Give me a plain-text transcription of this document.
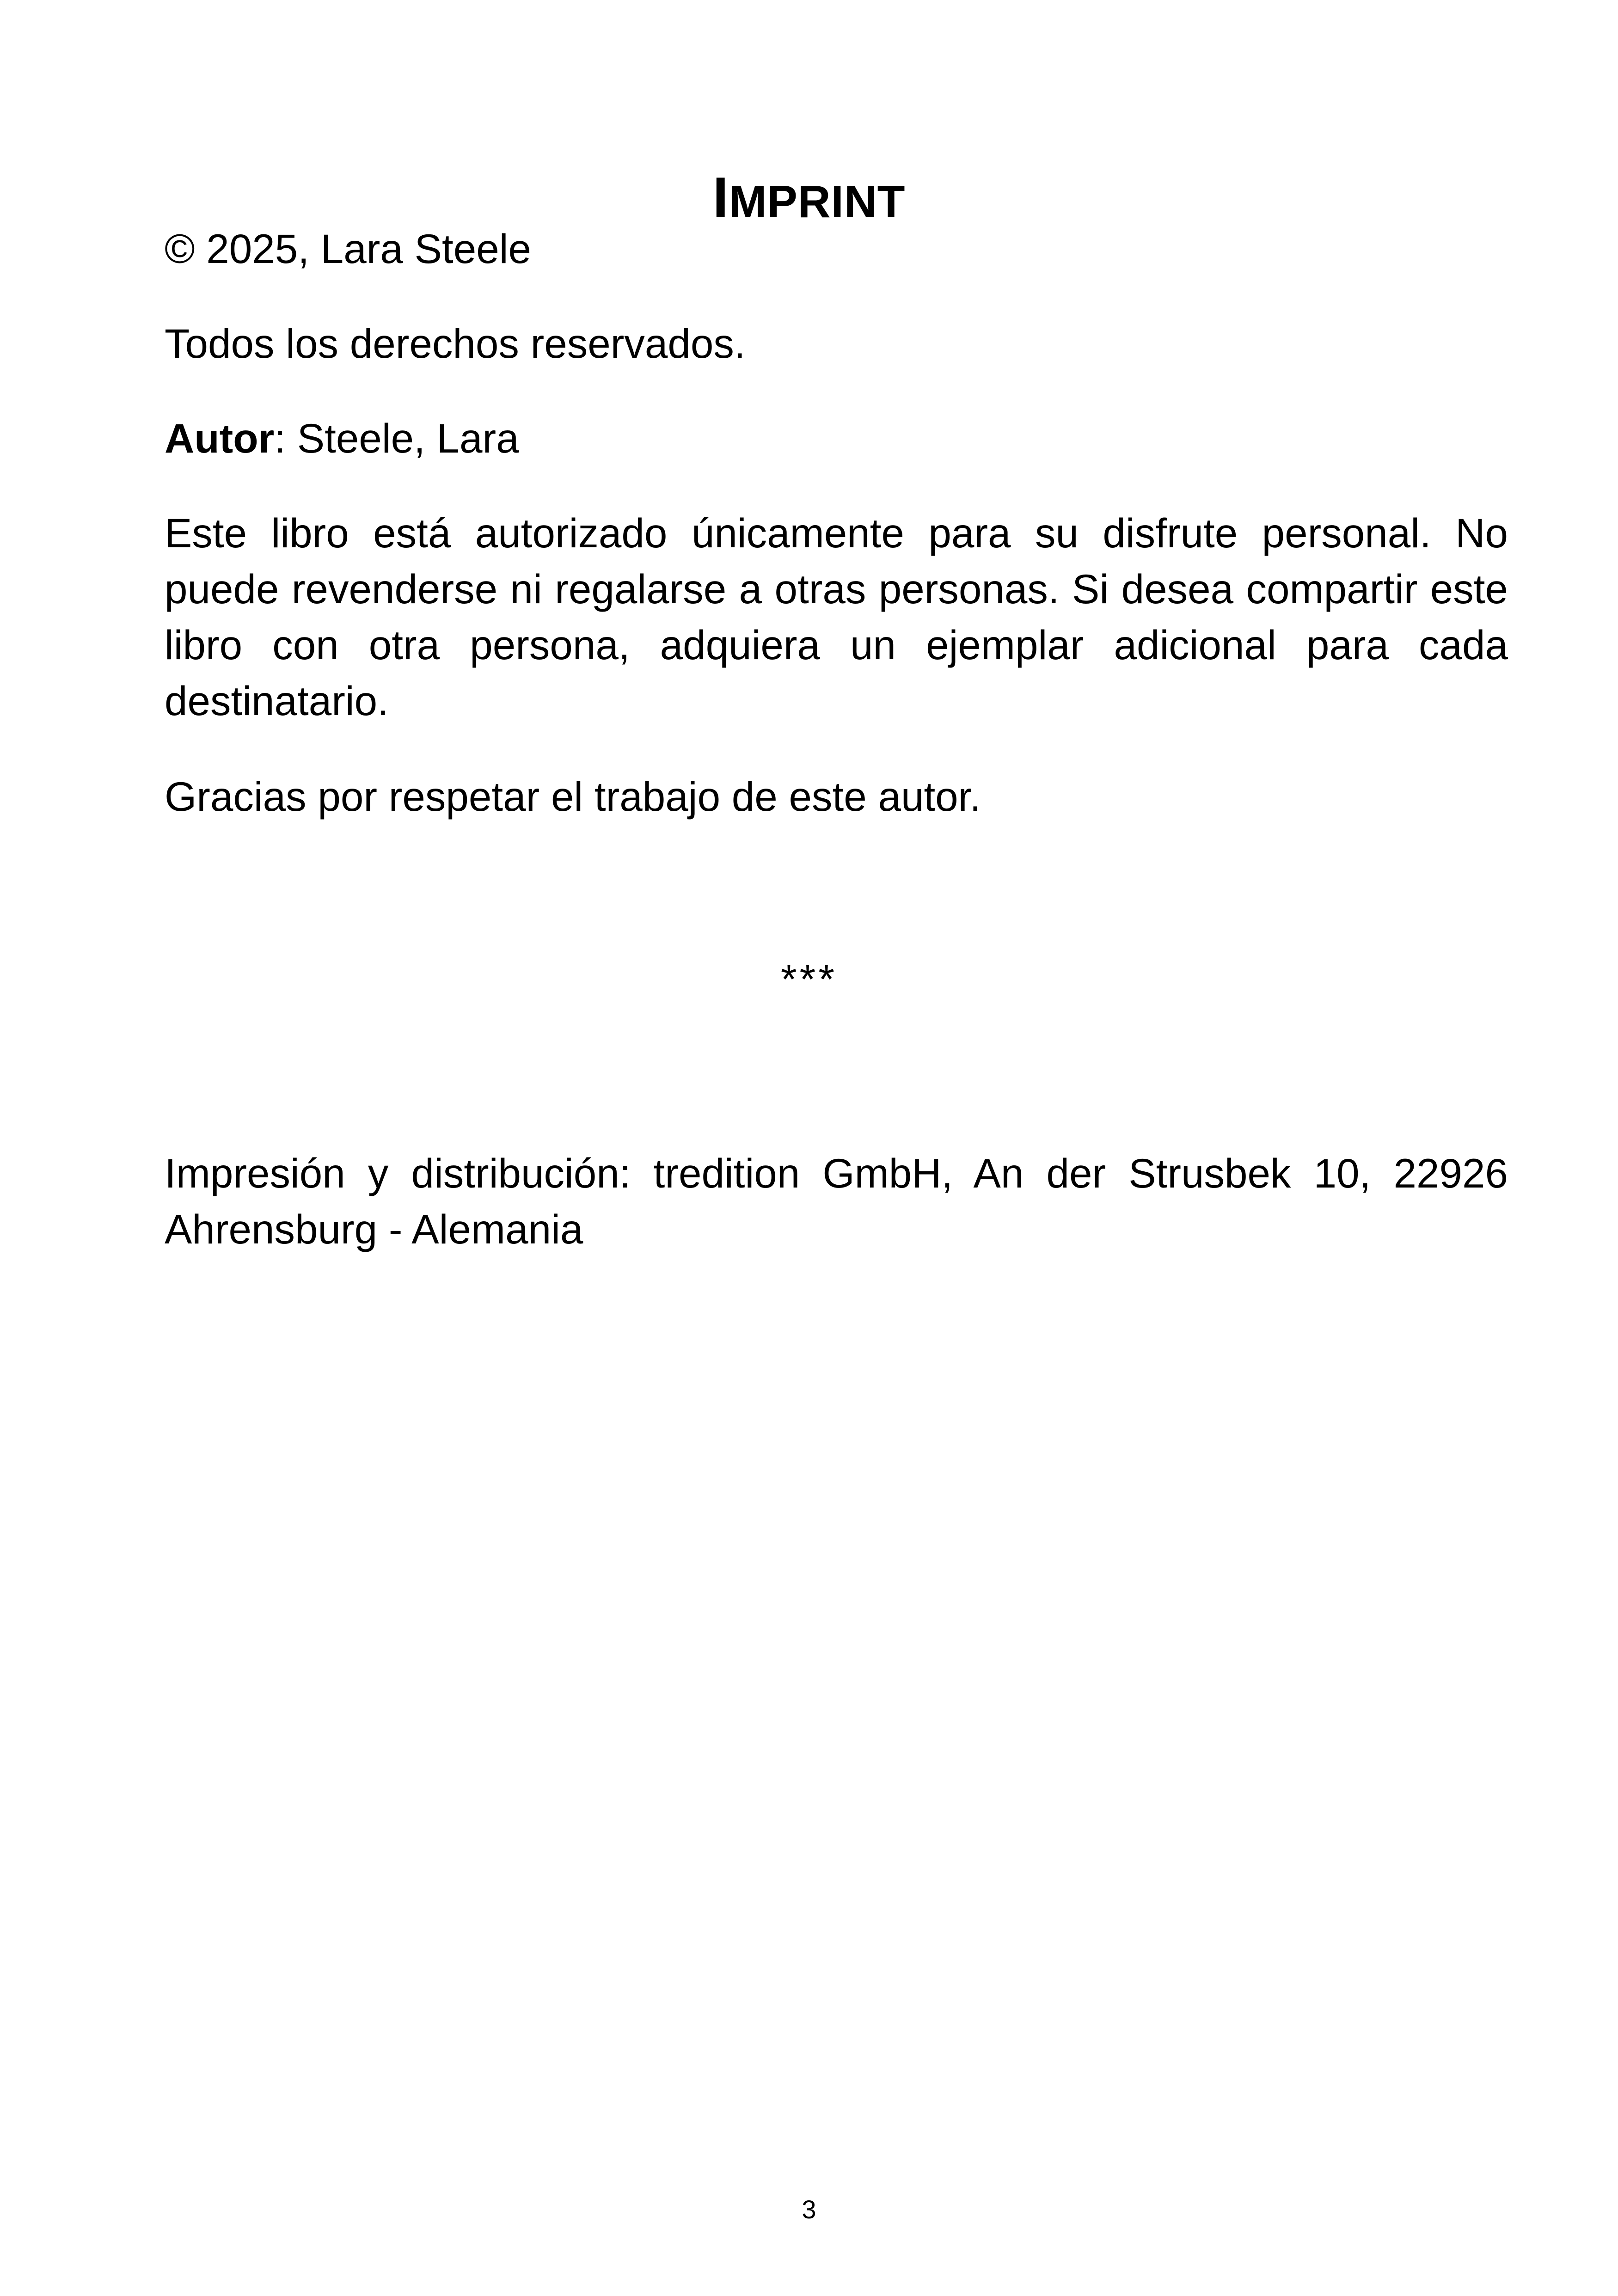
IMPRINT

© 2025, Lara Steele

Todos los derechos reservados.

Autor: Steele, Lara

Este libro está autorizado únicamente para su disfrute personal. No puede revenderse ni regalarse a otras personas. Si desea compartir este libro con otra persona, adquiera un ejemplar adicional para cada destinatario.

Gracias por respetar el trabajo de este autor.

***

Impresión y distribución: tredition GmbH, An der Strusbek 10, 22926 Ahrensburg - Alemania

3
